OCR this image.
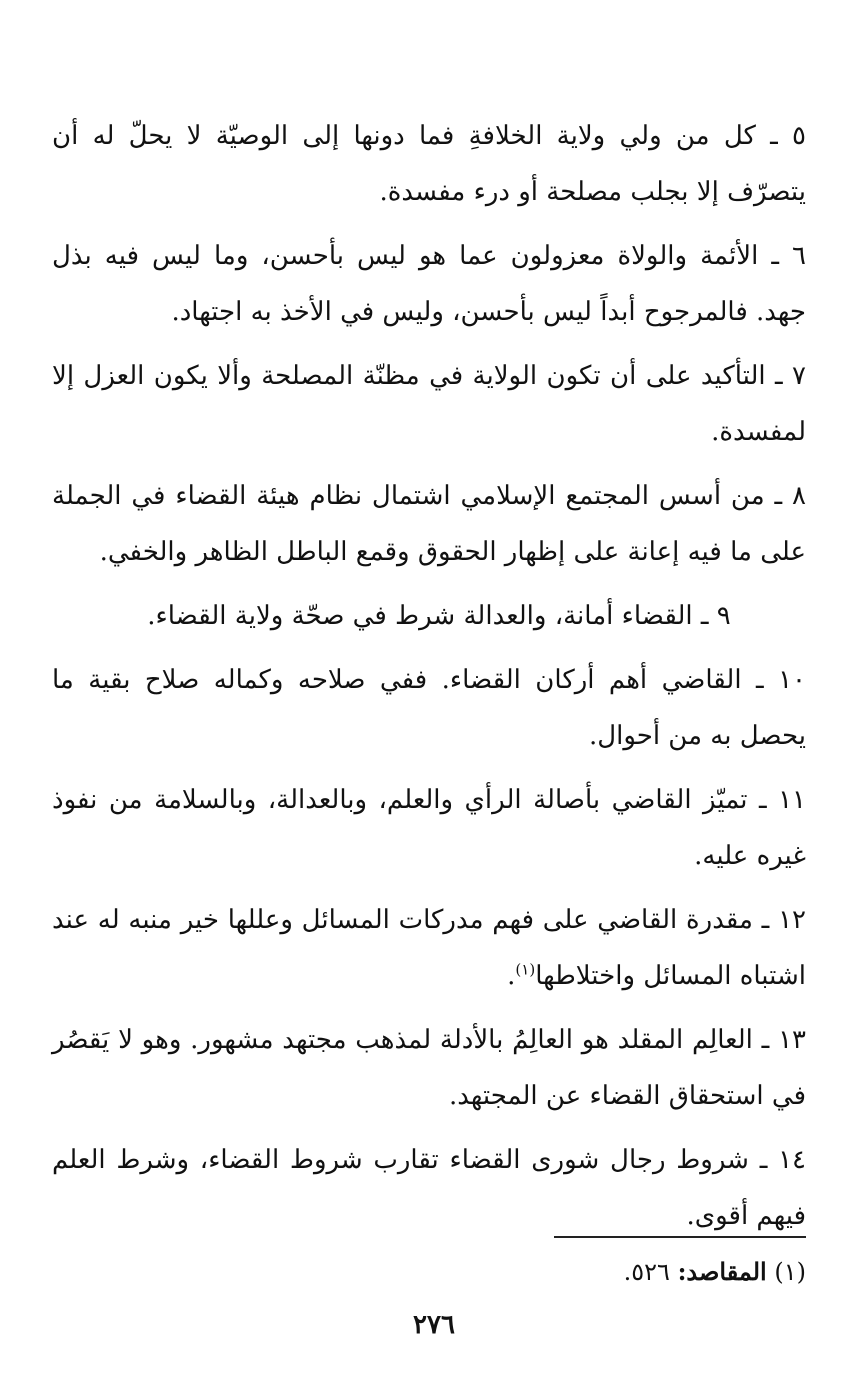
٥ ـ كل من ولي ولاية الخلافةِ فما دونها إلى الوصيّة لا يحلّ له أن يتصرّف إلا بجلب مصلحة أو درء مفسدة.

٦ ـ الأئمة والولاة معزولون عما هو ليس بأحسن، وما ليس فيه بذل جهد. فالمرجوح أبداً ليس بأحسن، وليس في الأخذ به اجتهاد.

٧ ـ التأكيد على أن تكون الولاية في مظنّة المصلحة وألا يكون العزل إلا لمفسدة.

٨ ـ من أسس المجتمع الإسلامي اشتمال نظام هيئة القضاء في الجملة على ما فيه إعانة على إظهار الحقوق وقمع الباطل الظاهر والخفي.

٩ ـ القضاء أمانة، والعدالة شرط في صحّة ولاية القضاء.

١٠ ـ القاضي أهم أركان القضاء. ففي صلاحه وكماله صلاح بقية ما يحصل به من أحوال.

١١ ـ تميّز القاضي بأصالة الرأي والعلم، وبالعدالة، وبالسلامة من نفوذ غيره عليه.

١٢ ـ مقدرة القاضي على فهم مدركات المسائل وعللها خير منبه له عند اشتباه المسائل واختلاطها$^{(١)}$.

١٣ ـ العالِم المقلد هو العالِمُ بالأدلة لمذهب مجتهد مشهور. وهو لا يَقصُر في استحقاق القضاء عن المجتهد.

١٤ ـ شروط رجال شورى القضاء تقارب شروط القضاء، وشرط العلم فيهم أقوى.

(١) المقاصد: ٥٢٦.
٢٧٦
